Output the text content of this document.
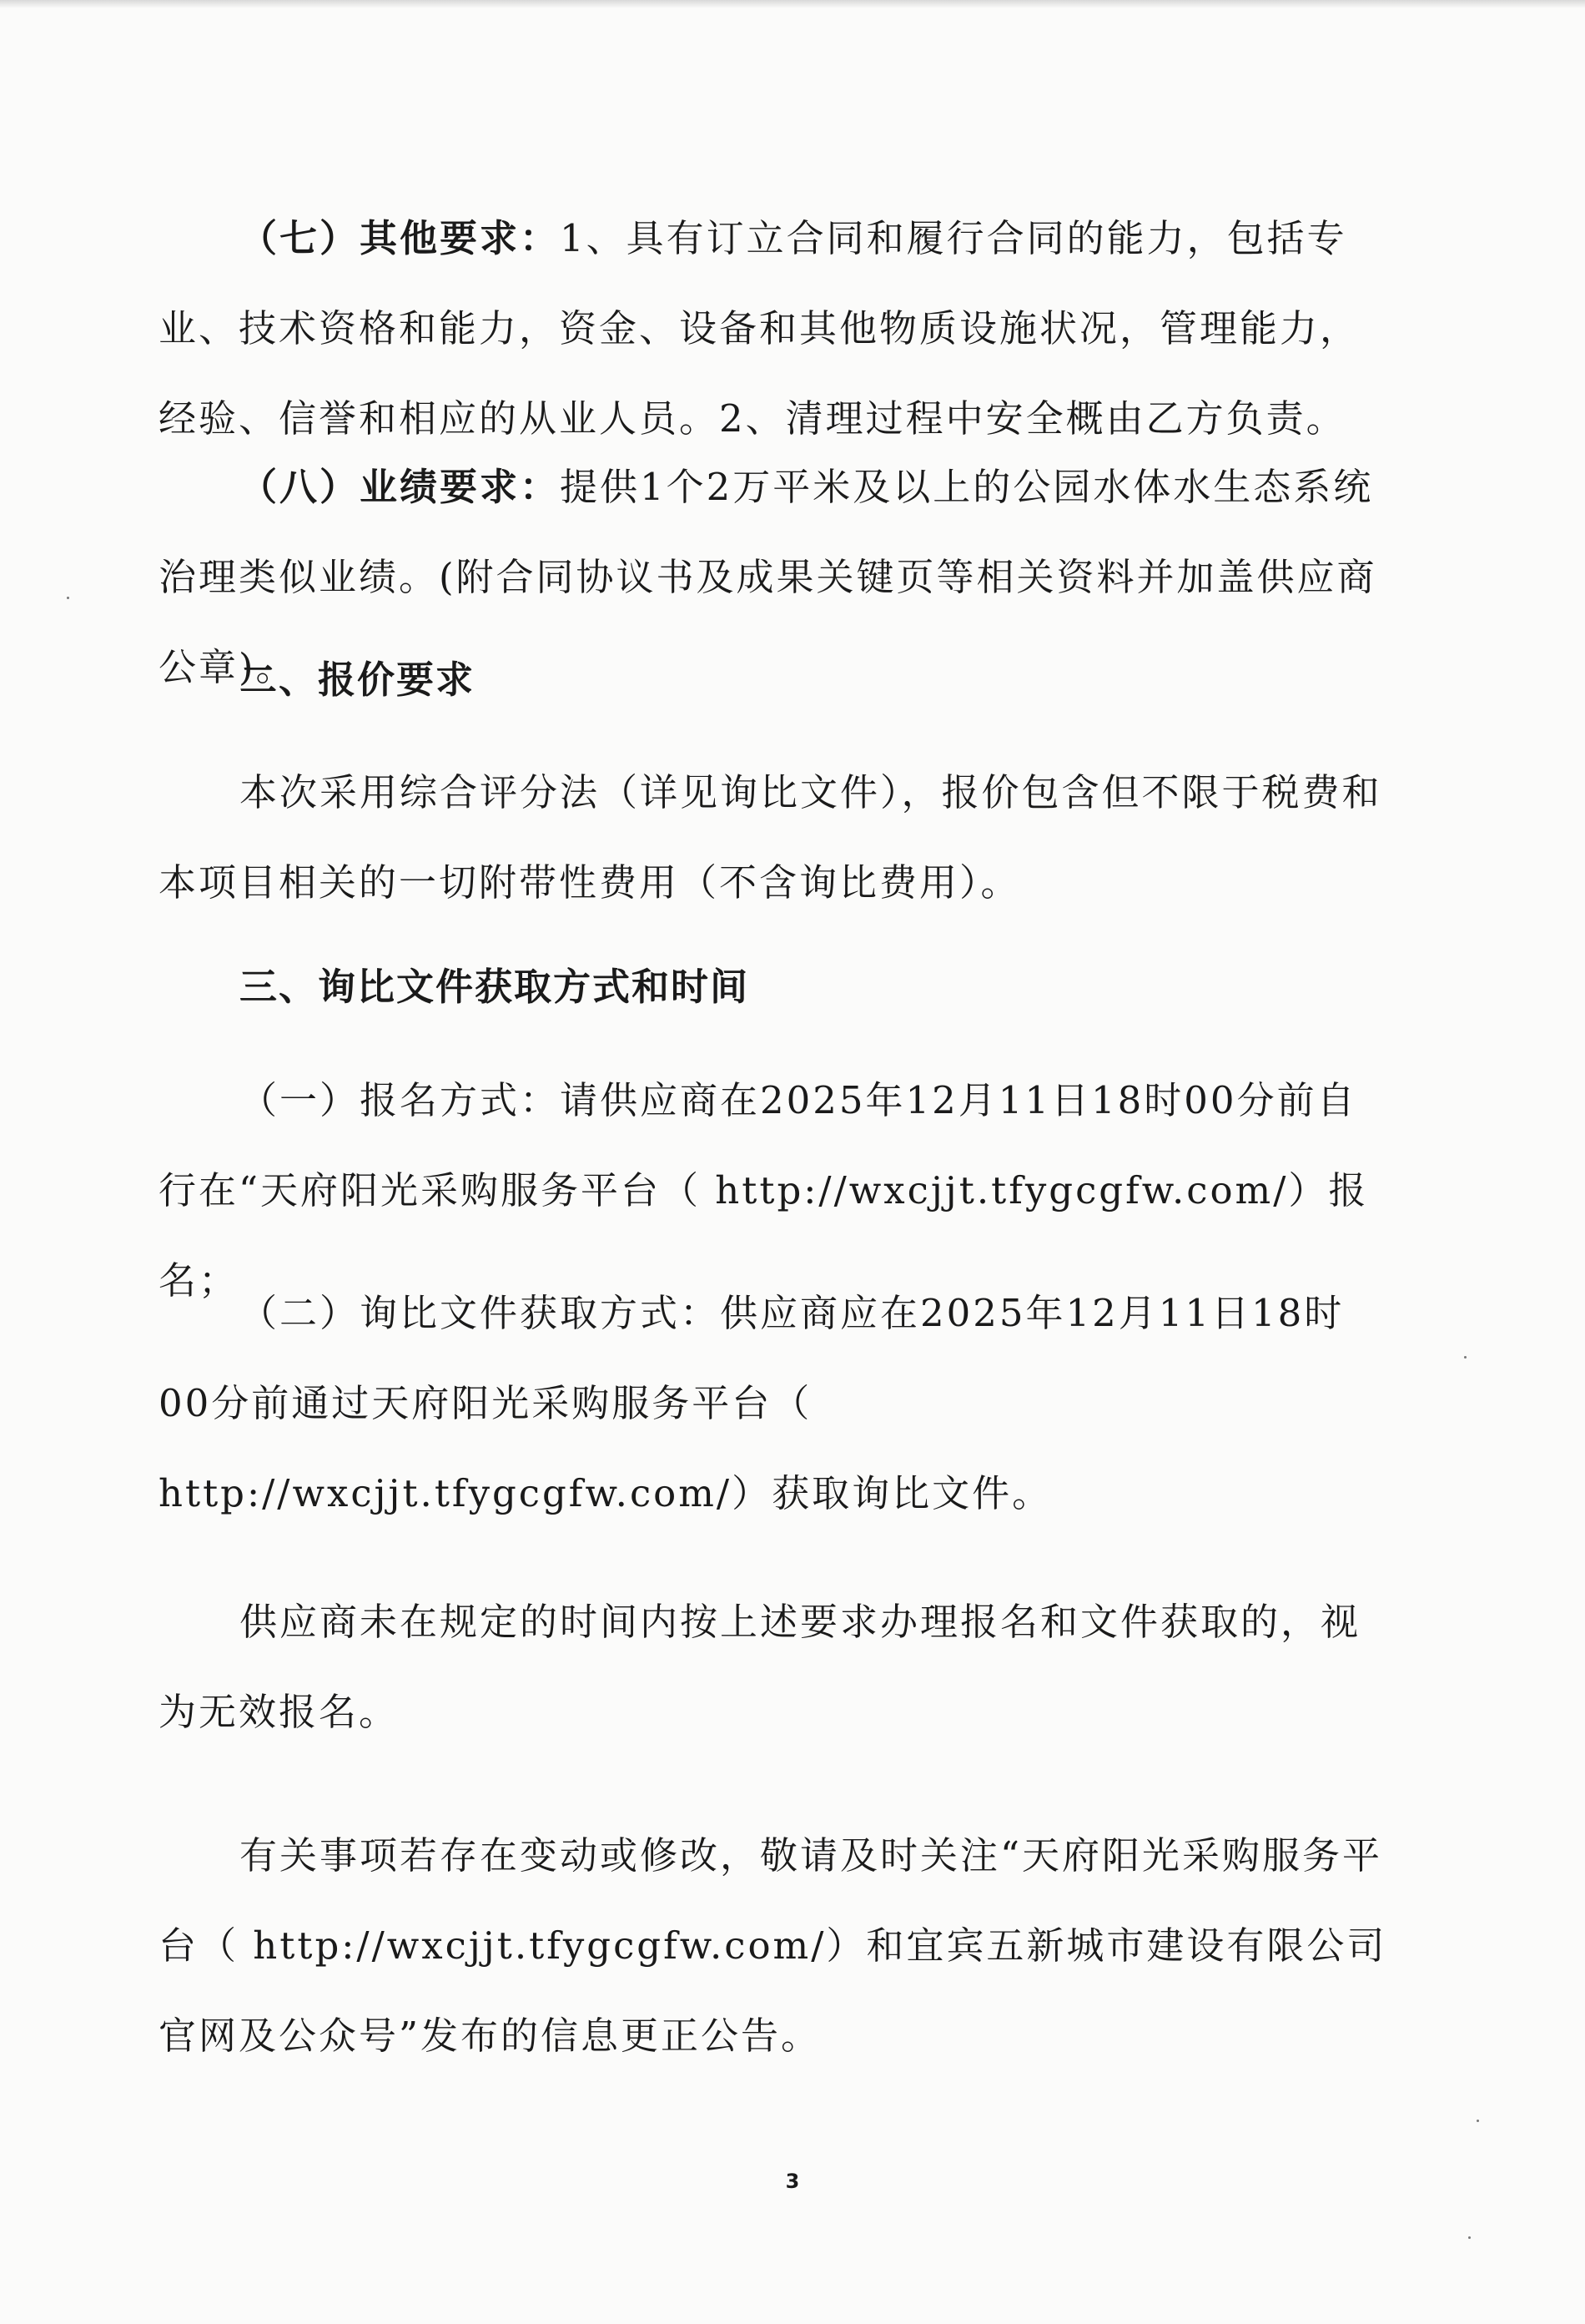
（七）其他要求：1、具有订立合同和履行合同的能力，包括专业、技术资格和能力，资金、设备和其他物质设施状况，管理能力，经验、信誉和相应的从业人员。2、清理过程中安全概由乙方负责。

（八）业绩要求：提供1个2万平米及以上的公园水体水生态系统治理类似业绩。(附合同协议书及成果关键页等相关资料并加盖供应商公章)。

二、报价要求

本次采用综合评分法（详见询比文件），报价包含但不限于税费和本项目相关的一切附带性费用（不含询比费用）。

三、询比文件获取方式和时间

（一）报名方式：请供应商在2025年12月11日18时00分前自行在“天府阳光采购服务平台（ http://wxcjjt.tfygcgfw.com/）报名；

（二）询比文件获取方式：供应商应在2025年12月11日18时00分前通过天府阳光采购服务平台（ http://wxcjjt.tfygcgfw.com/）获取询比文件。

供应商未在规定的时间内按上述要求办理报名和文件获取的，视为无效报名。

有关事项若存在变动或修改，敬请及时关注“天府阳光采购服务平台（ http://wxcjjt.tfygcgfw.com/）和宜宾五新城市建设有限公司官网及公众号”发布的信息更正公告。

3
